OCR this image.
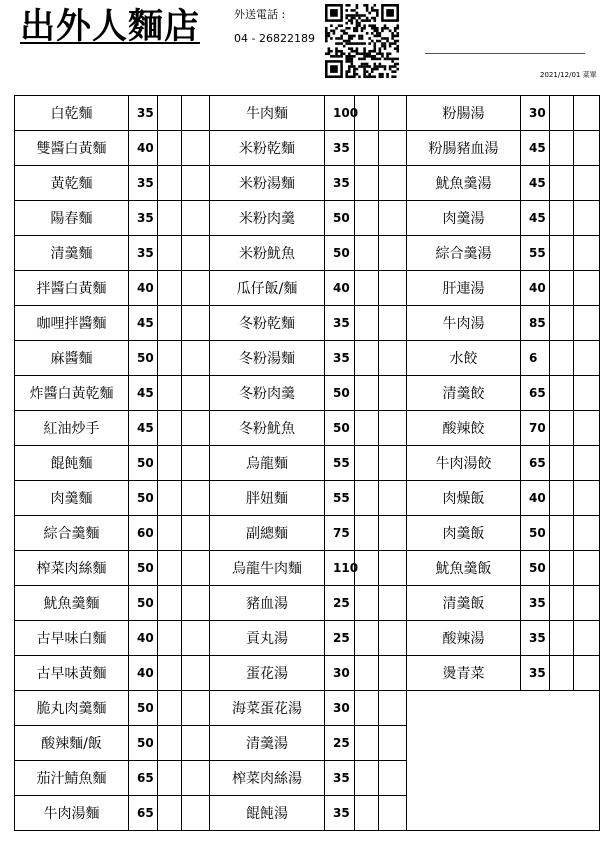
出外人麵店	外送電話 :
04 - 26822189
2021/12/01 菜單
白乾麵	35			牛肉麵	100			粉腸湯	30		
雙醬白黃麵	40			米粉乾麵	35			粉腸豬血湯	45		
黃乾麵	35			米粉湯麵	35			魷魚羹湯	45		
陽春麵	35			米粉肉羹	50			肉羹湯	45		
清羹麵	35			米粉魷魚	50			綜合羹湯	55		
拌醬白黃麵	40			瓜仔飯/麵	40			肝連湯	40		
咖哩拌醬麵	45			冬粉乾麵	35			牛肉湯	85		
麻醬麵	50			冬粉湯麵	35			水餃	6		
炸醬白黃乾麵	45			冬粉肉羹	50			清羹餃	65		
紅油炒手	45			冬粉魷魚	50			酸辣餃	70		
餛飩麵	50			烏龍麵	55			牛肉湯餃	65		
肉羹麵	50			胖妞麵	55			肉燥飯	40		
綜合羹麵	60			副總麵	75			肉羹飯	50		
榨菜肉絲麵	50			烏龍牛肉麵	110			魷魚羹飯	50		
魷魚羹麵	50			豬血湯	25			清羹飯	35		
古早味白麵	40			貢丸湯	25			酸辣湯	35		
古早味黃麵	40			蛋花湯	30			燙青菜	35		
脆丸肉羹麵	50			海菜蛋花湯	30						
酸辣麵/飯	50			清羹湯	25						
茄汁鯖魚麵	65			榨菜肉絲湯	35						
牛肉湯麵	65			餛飩湯	35						
